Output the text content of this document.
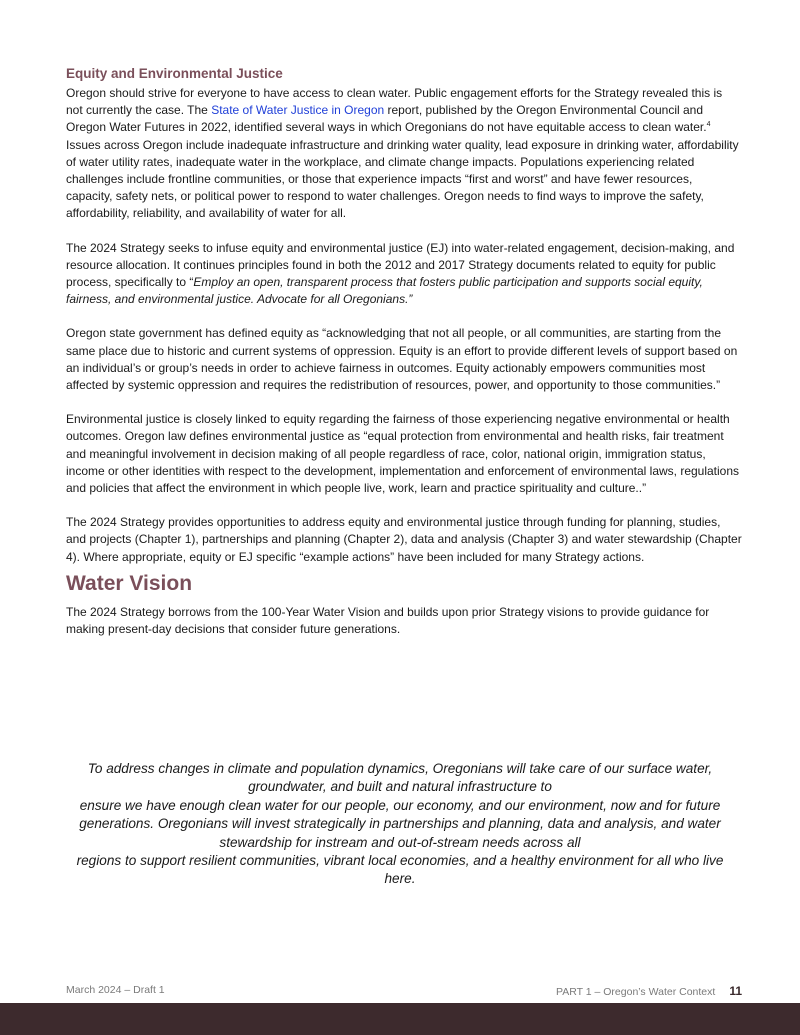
Equity and Environmental Justice

Oregon should strive for everyone to have access to clean water. Public engagement efforts for the Strategy revealed this is not currently the case. The State of Water Justice in Oregon report, published by the Oregon Environmental Council and Oregon Water Futures in 2022, identified several ways in which Oregonians do not have equitable access to clean water.$^4$ Issues across Oregon include inadequate infrastructure and drinking water quality, lead exposure in drinking water, affordability of water utility rates, inadequate water in the workplace, and climate change impacts. Populations experiencing related challenges include frontline communities, or those that experience impacts “first and worst” and have fewer resources, capacity, safety nets, or political power to respond to water challenges. Oregon needs to find ways to improve the safety, affordability, reliability, and availability of water for all.

The 2024 Strategy seeks to infuse equity and environmental justice (EJ) into water-related engagement, decision-making, and resource allocation. It continues principles found in both the 2012 and 2017 Strategy documents related to equity for public process, specifically to “Employ an open, transparent process that fosters public participation and supports social equity, fairness, and environmental justice. Advocate for all Oregonians.”

Oregon state government has defined equity as “acknowledging that not all people, or all communities, are starting from the same place due to historic and current systems of oppression. Equity is an effort to provide different levels of support based on an individual’s or group’s needs in order to achieve fairness in outcomes. Equity actionably empowers communities most affected by systemic oppression and requires the redistribution of resources, power, and opportunity to those communities.”

Environmental justice is closely linked to equity regarding the fairness of those experiencing negative environmental or health outcomes. Oregon law defines environmental justice as “equal protection from environmental and health risks, fair treatment and meaningful involvement in decision making of all people regardless of race, color, national origin, immigration status, income or other identities with respect to the development, implementation and enforcement of environmental laws, regulations and policies that affect the environment in which people live, work, learn and practice spirituality and culture..”

The 2024 Strategy provides opportunities to address equity and environmental justice through funding for planning, studies, and projects (Chapter 1), partnerships and planning (Chapter 2), data and analysis (Chapter 3) and water stewardship (Chapter 4). Where appropriate, equity or EJ specific “example actions” have been included for many Strategy actions.

Water Vision

The 2024 Strategy borrows from the 100-Year Water Vision and builds upon prior Strategy visions to provide guidance for making present-day decisions that consider future generations.

To address changes in climate and population dynamics, Oregonians will take care of our surface water, groundwater, and built and natural infrastructure to
ensure we have enough clean water for our people, our economy, and our environment, now and for future generations. Oregonians will invest strategically in partnerships and planning, data and analysis, and water stewardship for instream and out-of-stream needs across all
regions to support resilient communities, vibrant local economies, and a healthy environment for all who live here.
March 2024 – Draft 1	PART 1 – Oregon’s Water Context 11
